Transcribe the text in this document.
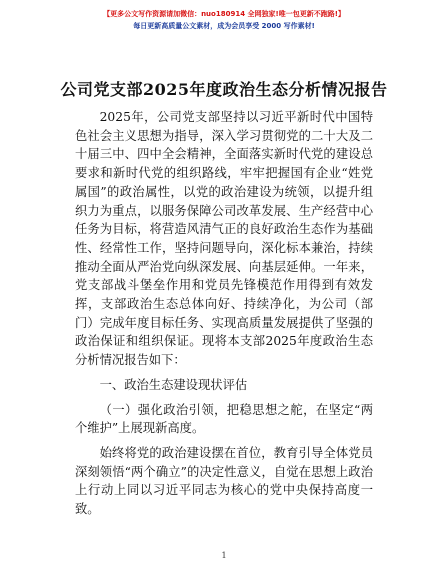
【更多公文写作资源请加微信：nuo180914 全网独家!唯一包更新不跑路!】
每日更新高质量公文素材，成为会员享受 2000 写作素材!
公司党支部2025年度政治生态分析情况报告

2025年，公司党支部坚持以习近平新时代中国特色社会主义思想为指导，深入学习贯彻党的二十大及二十届三中、四中全会精神，全面落实新时代党的建设总要求和新时代党的组织路线，牢牢把握国有企业“姓党属国”的政治属性，以党的政治建设为统领，以提升组织力为重点，以服务保障公司改革发展、生产经营中心任务为目标，将营造风清气正的良好政治生态作为基础性、经常性工作，坚持问题导向，深化标本兼治，持续推动全面从严治党向纵深发展、向基层延伸。一年来，党支部战斗堡垒作用和党员先锋模范作用得到有效发挥，支部政治生态总体向好、持续净化，为公司（部门）完成年度目标任务、实现高质量发展提供了坚强的政治保证和组织保证。现将本支部2025年度政治生态分析情况报告如下：

一、政治生态建设现状评估

（一）强化政治引领，把稳思想之舵，在坚定“两个维护”上展现新高度。

始终将党的政治建设摆在首位，教育引导全体党员深刻领悟“两个确立”的决定性意义，自觉在思想上政治上行动上同以习近平同志为核心的党中央保持高度一致。

1
